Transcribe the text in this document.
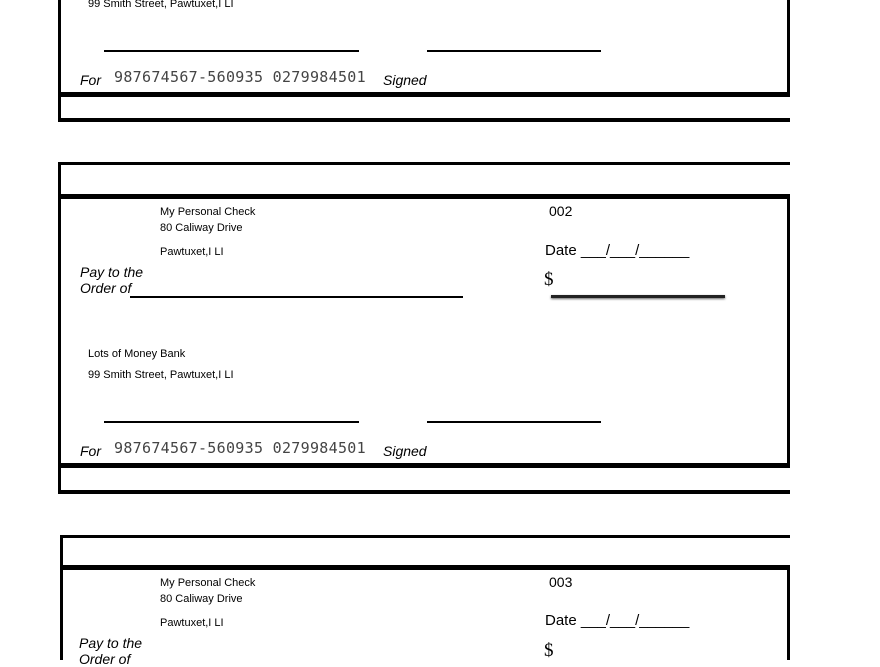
99 Smith Street, Pawtuxet,I LI
For 987674567-560935 0279984501 Signed
My Personal Check
80 Caliway Drive
Pawtuxet,I LI
002
Date ___/___/______
Pay to the
Order of	$
Lots of Money Bank
99 Smith Street, Pawtuxet,I LI
For 987674567-560935 0279984501 Signed
My Personal Check
80 Caliway Drive
Pawtuxet,I LI
003
Date ___/___/______
Pay to the
Order of	$
